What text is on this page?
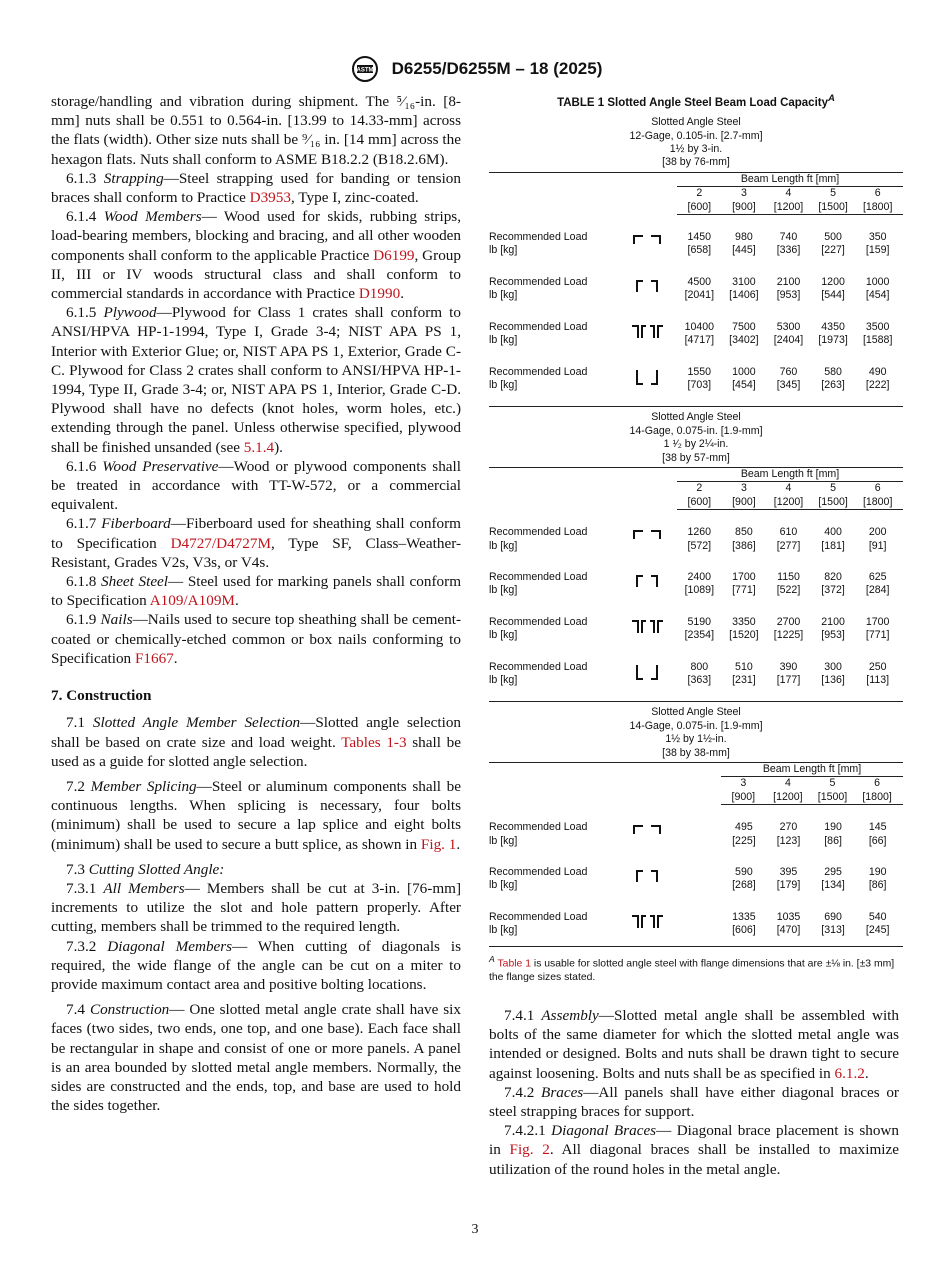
ASTM D6255/D6255M – 18 (2025)

storage/handling and vibration during shipment. The ⁵⁄₁₆-in. [8-mm] nuts shall be 0.551 to 0.564-in. [13.99 to 14.33-mm] across the flats (width). Other size nuts shall be ⁹⁄₁₆ in. [14 mm] across the hexagon flats. Nuts shall conform to ASME B18.2.2 (B18.2.6M).

6.1.3 Strapping—Steel strapping used for banding or tension braces shall conform to Practice D3953, Type I, zinc-coated.

6.1.4 Wood Members— Wood used for skids, rubbing strips, load-bearing members, blocking and bracing, and all other wooden components shall conform to the applicable Practice D6199, Group II, III or IV woods structural class and shall conform to commercial standards in accordance with Practice D1990.

6.1.5 Plywood—Plywood for Class 1 crates shall conform to ANSI/HPVA HP-1-1994, Type I, Grade 3-4; NIST APA PS 1, Interior with Exterior Glue; or, NIST APA PS 1, Exterior, Grade C-C. Plywood for Class 2 crates shall conform to ANSI/HPVA HP-1-1994, Type II, Grade 3-4; or, NIST APA PS 1, Interior, Grade C-D. Plywood shall have no defects (knot holes, worm holes, etc.) extending through the panel. Unless otherwise specified, plywood shall be finished unsanded (see 5.1.4).

6.1.6 Wood Preservative—Wood or plywood components shall be treated in accordance with TT-W-572, or a commercial equivalent.

6.1.7 Fiberboard—Fiberboard used for sheathing shall conform to Specification D4727/D4727M, Type SF, Class–Weather-Resistant, Grades V2s, V3s, or V4s.

6.1.8 Sheet Steel— Steel used for marking panels shall conform to Specification A109/A109M.

6.1.9 Nails—Nails used to secure top sheathing shall be cement-coated or chemically-etched common or box nails conforming to Specification F1667.

7. Construction

7.1 Slotted Angle Member Selection—Slotted angle selection shall be based on crate size and load weight. Tables 1-3 shall be used as a guide for slotted angle selection.

7.2 Member Splicing—Steel or aluminum components shall be continuous lengths. When splicing is necessary, four bolts (minimum) shall be used to secure a lap splice and eight bolts (minimum) shall be used to secure a butt splice, as shown in Fig. 1.

7.3 Cutting Slotted Angle:

7.3.1 All Members— Members shall be cut at 3-in. [76-mm] increments to utilize the slot and hole pattern properly. After cutting, members shall be trimmed to the required length.

7.3.2 Diagonal Members— When cutting of diagonals is required, the wide flange of the angle can be cut on a miter to provide maximum contact area and positive bolting locations.

7.4 Construction— One slotted metal angle crate shall have six faces (two sides, two ends, one top, and one base). Each face shall be rectangular in shape and consist of one or more panels. A panel is an area bounded by slotted metal angle members. Normally, the sides are constructed and the ends, top, and base are used to hold the sides together.

TABLE 1 Slotted Angle Steel Beam Load Capacity$^A$
Slotted Angle Steel
12-Gage, 0.105-in. [2.7-mm]
1½ by 3-in.
[38 by 76-mm]
Beam Length ft [mm]
2
[600]
3
[900]
4
[1200]
5
[1500]
6
[1800]
Recommended Load
lb [kg]
1450
[658]
980
[445]
740
[336]
500
[227]
350
[159]
Recommended Load
lb [kg]
4500
[2041]
3100
[1406]
2100
[953]
1200
[544]
1000
[454]
Recommended Load
lb [kg]
10400
[4717]
7500
[3402]
5300
[2404]
4350
[1973]
3500
[1588]
Recommended Load
lb [kg]
1550
[703]
1000
[454]
760
[345]
580
[263]
490
[222]
Slotted Angle Steel
14-Gage, 0.075-in. [1.9-mm]
1 ¹⁄₂ by 2¼-in.
[38 by 57-mm]
Beam Length ft [mm]
2
[600]
3
[900]
4
[1200]
5
[1500]
6
[1800]
Recommended Load
lb [kg]
1260
[572]
850
[386]
610
[277]
400
[181]
200
[91]
Recommended Load
lb [kg]
2400
[1089]
1700
[771]
1150
[522]
820
[372]
625
[284]
Recommended Load
lb [kg]
5190
[2354]
3350
[1520]
2700
[1225]
2100
[953]
1700
[771]
Recommended Load
lb [kg]
800
[363]
510
[231]
390
[177]
300
[136]
250
[113]
Slotted Angle Steel
14-Gage, 0.075-in. [1.9-mm]
1½ by 1½-in.
[38 by 38-mm]
Beam Length ft [mm]
3
[900]
4
[1200]
5
[1500]
6
[1800]
Recommended Load
lb [kg]
495
[225]
270
[123]
190
[86]
145
[66]
Recommended Load
lb [kg]
590
[268]
395
[179]
295
[134]
190
[86]
Recommended Load
lb [kg]
1335
[606]
1035
[470]
690
[313]
540
[245]
$^A$ Table 1 is usable for slotted angle steel with flange dimensions that are ±⅛ in. [±3 mm] the flange sizes stated.

7.4.1 Assembly—Slotted metal angle shall be assembled with bolts of the same diameter for which the slotted metal angle was intended or designed. Bolts and nuts shall be drawn tight to secure against loosening. Bolts and nuts shall be as specified in 6.1.2.

7.4.2 Braces—All panels shall have either diagonal braces or steel strapping braces for support.

7.4.2.1 Diagonal Braces— Diagonal brace placement is shown in Fig. 2. All diagonal braces shall be installed to maximize utilization of the round holes in the metal angle.

3
